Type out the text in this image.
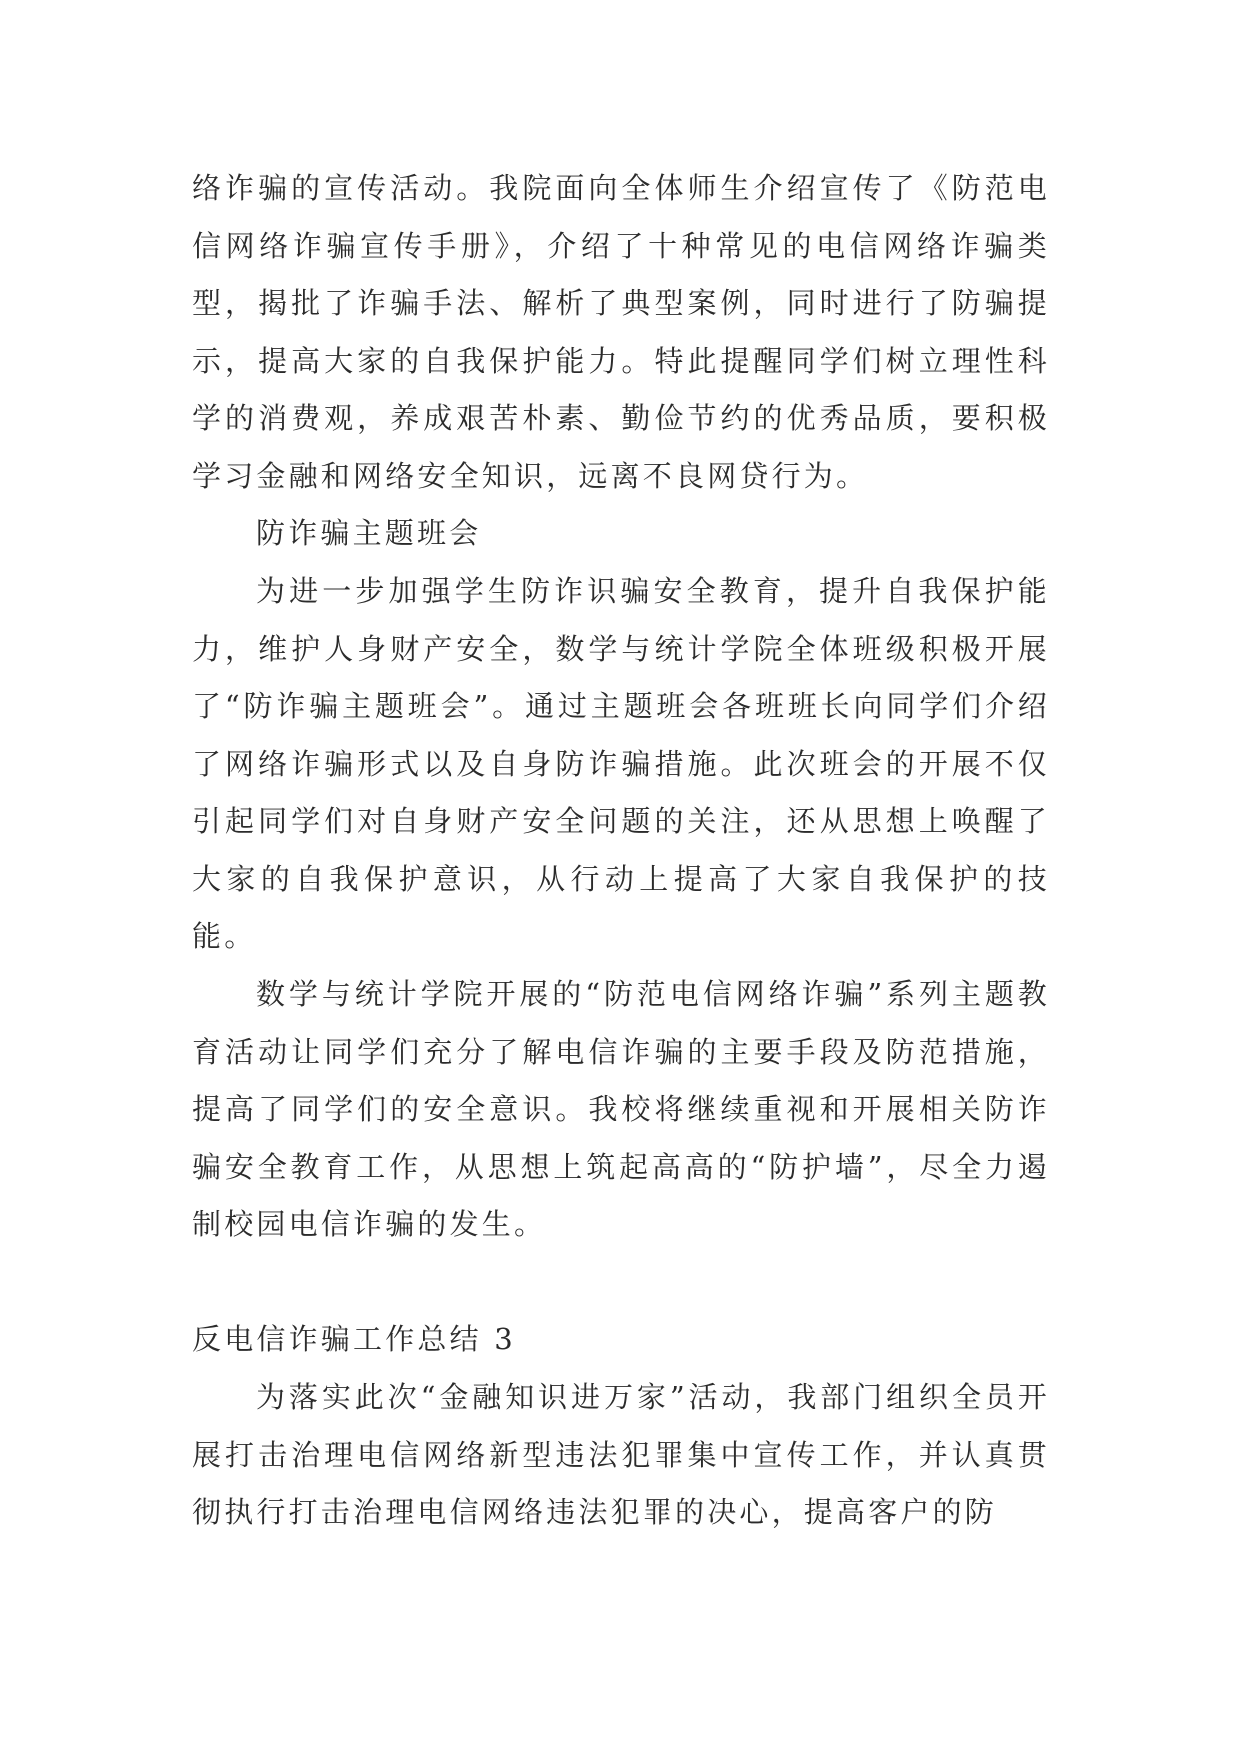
络诈骗的宣传活动。我院面向全体师生介绍宣传了《防范电信网络诈骗宣传手册》，介绍了十种常见的电信网络诈骗类型，揭批了诈骗手法、解析了典型案例，同时进行了防骗提示，提高大家的自我保护能力。特此提醒同学们树立理性科学的消费观，养成艰苦朴素、勤俭节约的优秀品质，要积极学习金融和网络安全知识，远离不良网贷行为。
防诈骗主题班会
为进一步加强学生防诈识骗安全教育，提升自我保护能力，维护人身财产安全，数学与统计学院全体班级积极开展了“防诈骗主题班会”。通过主题班会各班班长向同学们介绍了网络诈骗形式以及自身防诈骗措施。此次班会的开展不仅引起同学们对自身财产安全问题的关注，还从思想上唤醒了大家的自我保护意识，从行动上提高了大家自我保护的技能。
数学与统计学院开展的“防范电信网络诈骗”系列主题教育活动让同学们充分了解电信诈骗的主要手段及防范措施，提高了同学们的安全意识。我校将继续重视和开展相关防诈骗安全教育工作，从思想上筑起高高的“防护墙”，尽全力遏制校园电信诈骗的发生。
反电信诈骗工作总结 3
为落实此次“金融知识进万家”活动，我部门组织全员开展打击治理电信网络新型违法犯罪集中宣传工作，并认真贯彻执行打击治理电信网络违法犯罪的决心，提高客户的防
